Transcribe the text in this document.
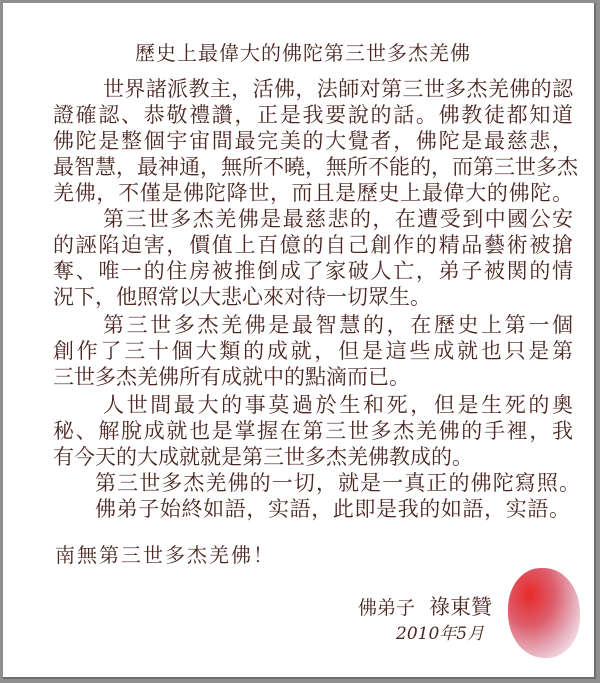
歷史上最偉大的佛陀第三世多杰羌佛
世界諸派教主，活佛，法師对第三世多杰羌佛的認
證確認、恭敬禮讚，正是我要說的話。佛教徒都知道
佛陀是整個宇宙間最完美的大覺者，佛陀是最慈悲，
最智慧，最神通，無所不曉，無所不能的，而第三世多杰
羌佛，不僅是佛陀降世，而且是歷史上最偉大的佛陀。
第三世多杰羌佛是最慈悲的，在遭受到中國公安
的誣陷迫害，價值上百億的自己創作的精品藝術被搶
奪、唯一的住房被推倒成了家破人亡，弟子被関的情
況下，他照常以大悲心來对待一切眾生。
第三世多杰羌佛是最智慧的，在歷史上第一個
創作了三十個大類的成就，但是這些成就也只是第
三世多杰羌佛所有成就中的點滴而已。
人世間最大的事莫過於生和死，但是生死的奧
秘、解脫成就也是掌握在第三世多杰羌佛的手裡，我
有今天的大成就就是第三世多杰羌佛教成的。
第三世多杰羌佛的一切，就是一真正的佛陀寫照。
佛弟子始終如語，实語，此即是我的如語，实語。
南無第三世多杰羌佛！
佛弟子 祿東贊
2010年5月
